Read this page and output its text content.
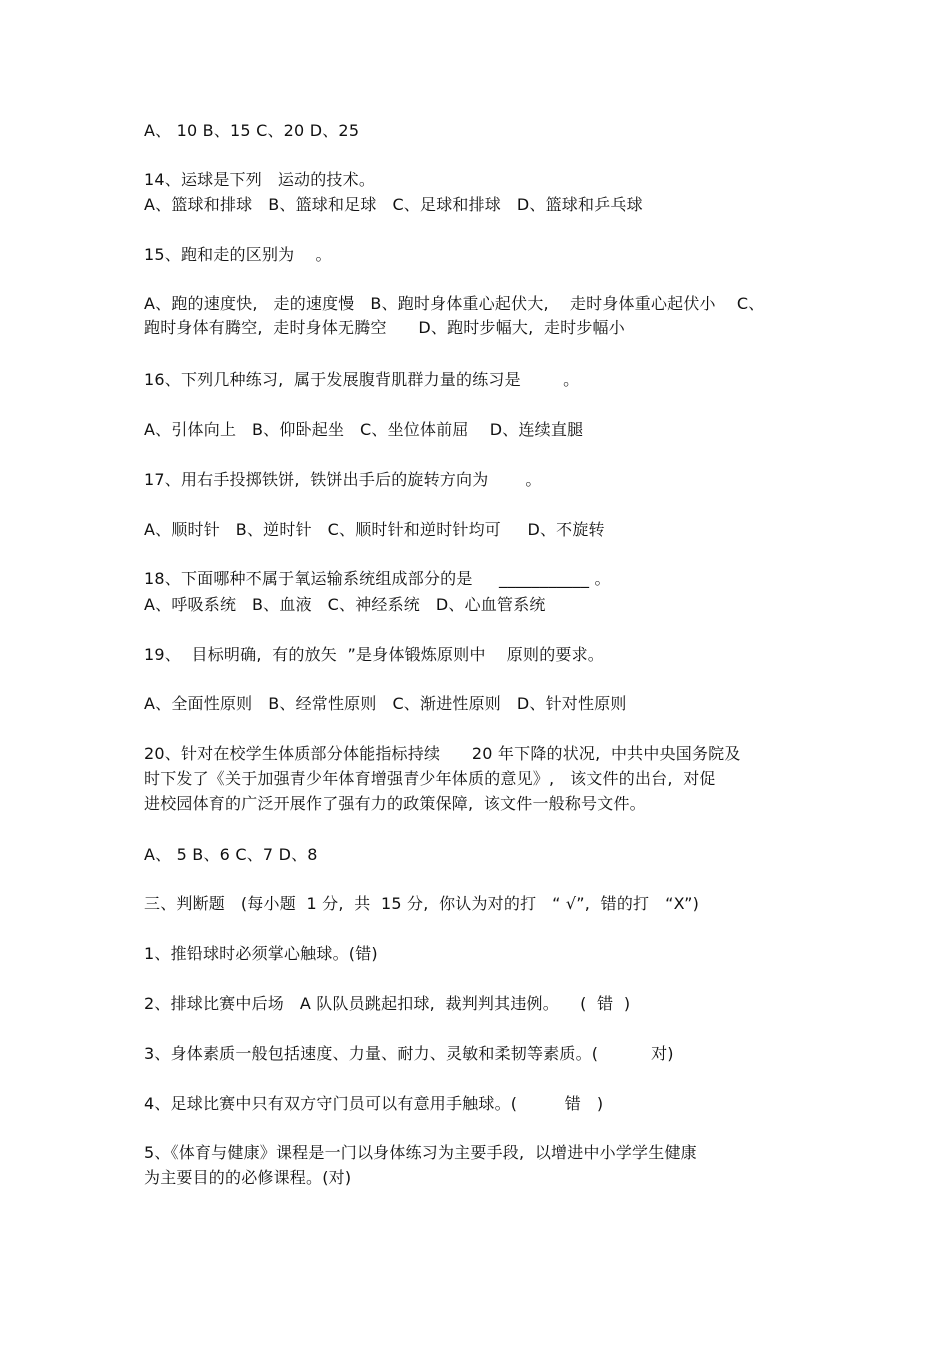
A、 10 B、15 C、20 D、25
14、运球是下列   运动的技术。
A、篮球和排球   B、篮球和足球   C、足球和排球   D、篮球和乒乓球
15、跑和走的区别为    。
A、跑的速度快,   走的速度慢   B、跑时身体重心起伏大,    走时身体重心起伏小    C、
跑时身体有腾空,  走时身体无腾空      D、跑时步幅大,  走时步幅小
16、下列几种练习,  属于发展腹背肌群力量的练习是        。
A、引体向上   B、仰卧起坐   C、坐位体前屈    D、连续直腿
17、用右手投掷铁饼,  铁饼出手后的旋转方向为       。
A、顺时针   B、逆时针   C、顺时针和逆时针均可     D、不旋转
18、下面哪种不属于氧运输系统组成部分的是     ___________ 。
A、呼吸系统   B、血液   C、神经系统   D、心血管系统
19、  目标明确,  有的放矢  ”是身体锻炼原则中    原则的要求。
A、全面性原则   B、经常性原则   C、渐进性原则   D、针对性原则
20、针对在校学生体质部分体能指标持续      20 年下降的状况,  中共中央国务院及
时下发了《关于加强青少年体育增强青少年体质的意见》,   该文件的出台,  对促
进校园体育的广泛开展作了强有力的政策保障,  该文件一般称号文件。
A、 5 B、6 C、7 D、8
三、判断题   (每小题  1 分,  共  15 分,  你认为对的打   “ √”,  错的打   “X”)
1、推铅球时必须掌心触球。(错)
2、排球比赛中后场   A 队队员跳起扣球,  裁判判其违例。    (  错  )
3、身体素质一般包括速度、力量、耐力、灵敏和柔韧等素质。(          对)
4、足球比赛中只有双方守门员可以有意用手触球。(         错   )
5、《体育与健康》课程是一门以身体练习为主要手段,  以增进中小学学生健康
为主要目的的必修课程。(对)
